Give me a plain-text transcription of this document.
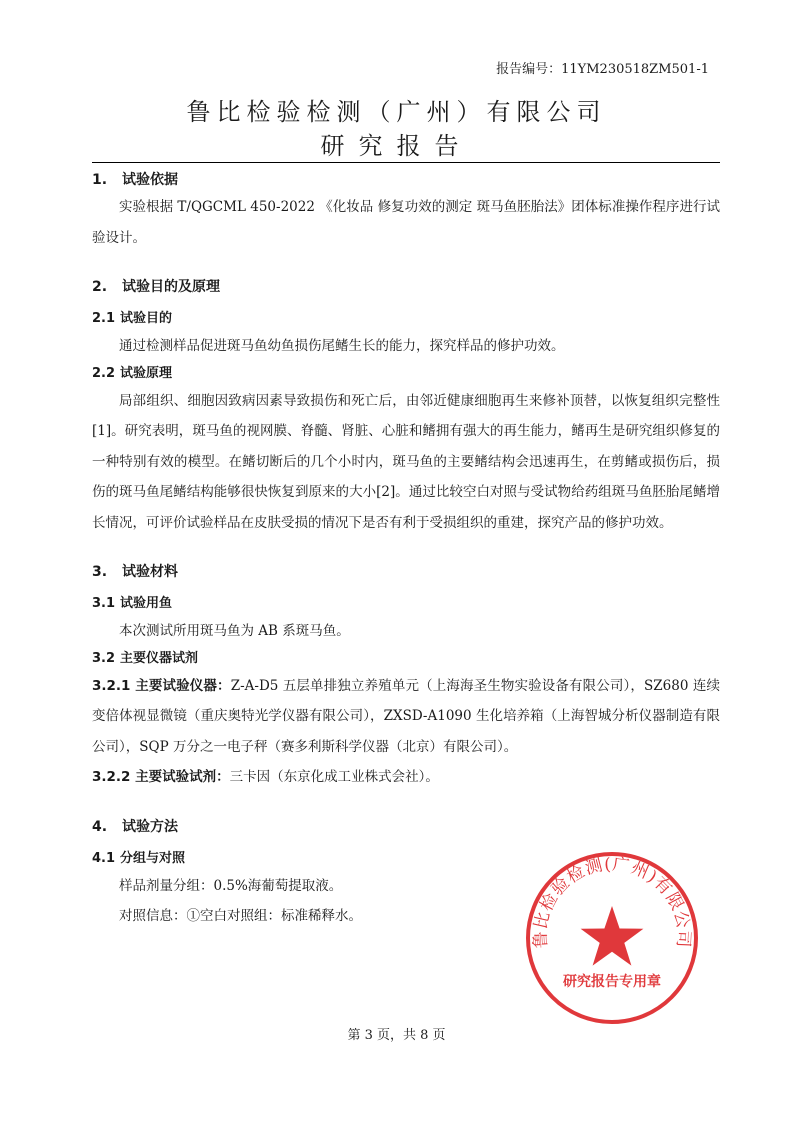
报告编号：11YM230518ZM501-1
鲁比检验检测（广州）有限公司
研究报告
1. 试验依据

实验根据 T/QGCML 450-2022 《化妆品 修复功效的测定 斑马鱼胚胎法》团体标准操作程序进行试验设计。

2. 试验目的及原理
2.1 试验目的

通过检测样品促进斑马鱼幼鱼损伤尾鳍生长的能力，探究样品的修护功效。

2.2 试验原理

局部组织、细胞因致病因素导致损伤和死亡后，由邻近健康细胞再生来修补顶替，以恢复组织完整性[1]。研究表明，斑马鱼的视网膜、脊髓、肾脏、心脏和鳍拥有强大的再生能力，鳍再生是研究组织修复的一种特别有效的模型。在鳍切断后的几个小时内，斑马鱼的主要鳍结构会迅速再生，在剪鳍或损伤后，损伤的斑马鱼尾鳍结构能够很快恢复到原来的大小[2]。通过比较空白对照与受试物给药组斑马鱼胚胎尾鳍增长情况，可评价试验样品在皮肤受损的情况下是否有利于受损组织的重建，探究产品的修护功效。

3. 试验材料
3.1 试验用鱼

本次测试所用斑马鱼为 AB 系斑马鱼。

3.2 主要仪器试剂

3.2.1 主要试验仪器：Z-A-D5 五层单排独立养殖单元（上海海圣生物实验设备有限公司），SZ680 连续变倍体视显微镜（重庆奥特光学仪器有限公司），ZXSD-A1090 生化培养箱（上海智城分析仪器制造有限公司），SQP 万分之一电子秤（赛多利斯科学仪器（北京）有限公司）。

3.2.2 主要试验试剂：三卡因（东京化成工业株式会社）。

4. 试验方法
4.1 分组与对照

样品剂量分组：0.5%海葡萄提取液。

对照信息：①空白对照组：标准稀释水。

鲁比检验检测(广州)有限公司
研究报告专用章
第 3 页，共 8 页
